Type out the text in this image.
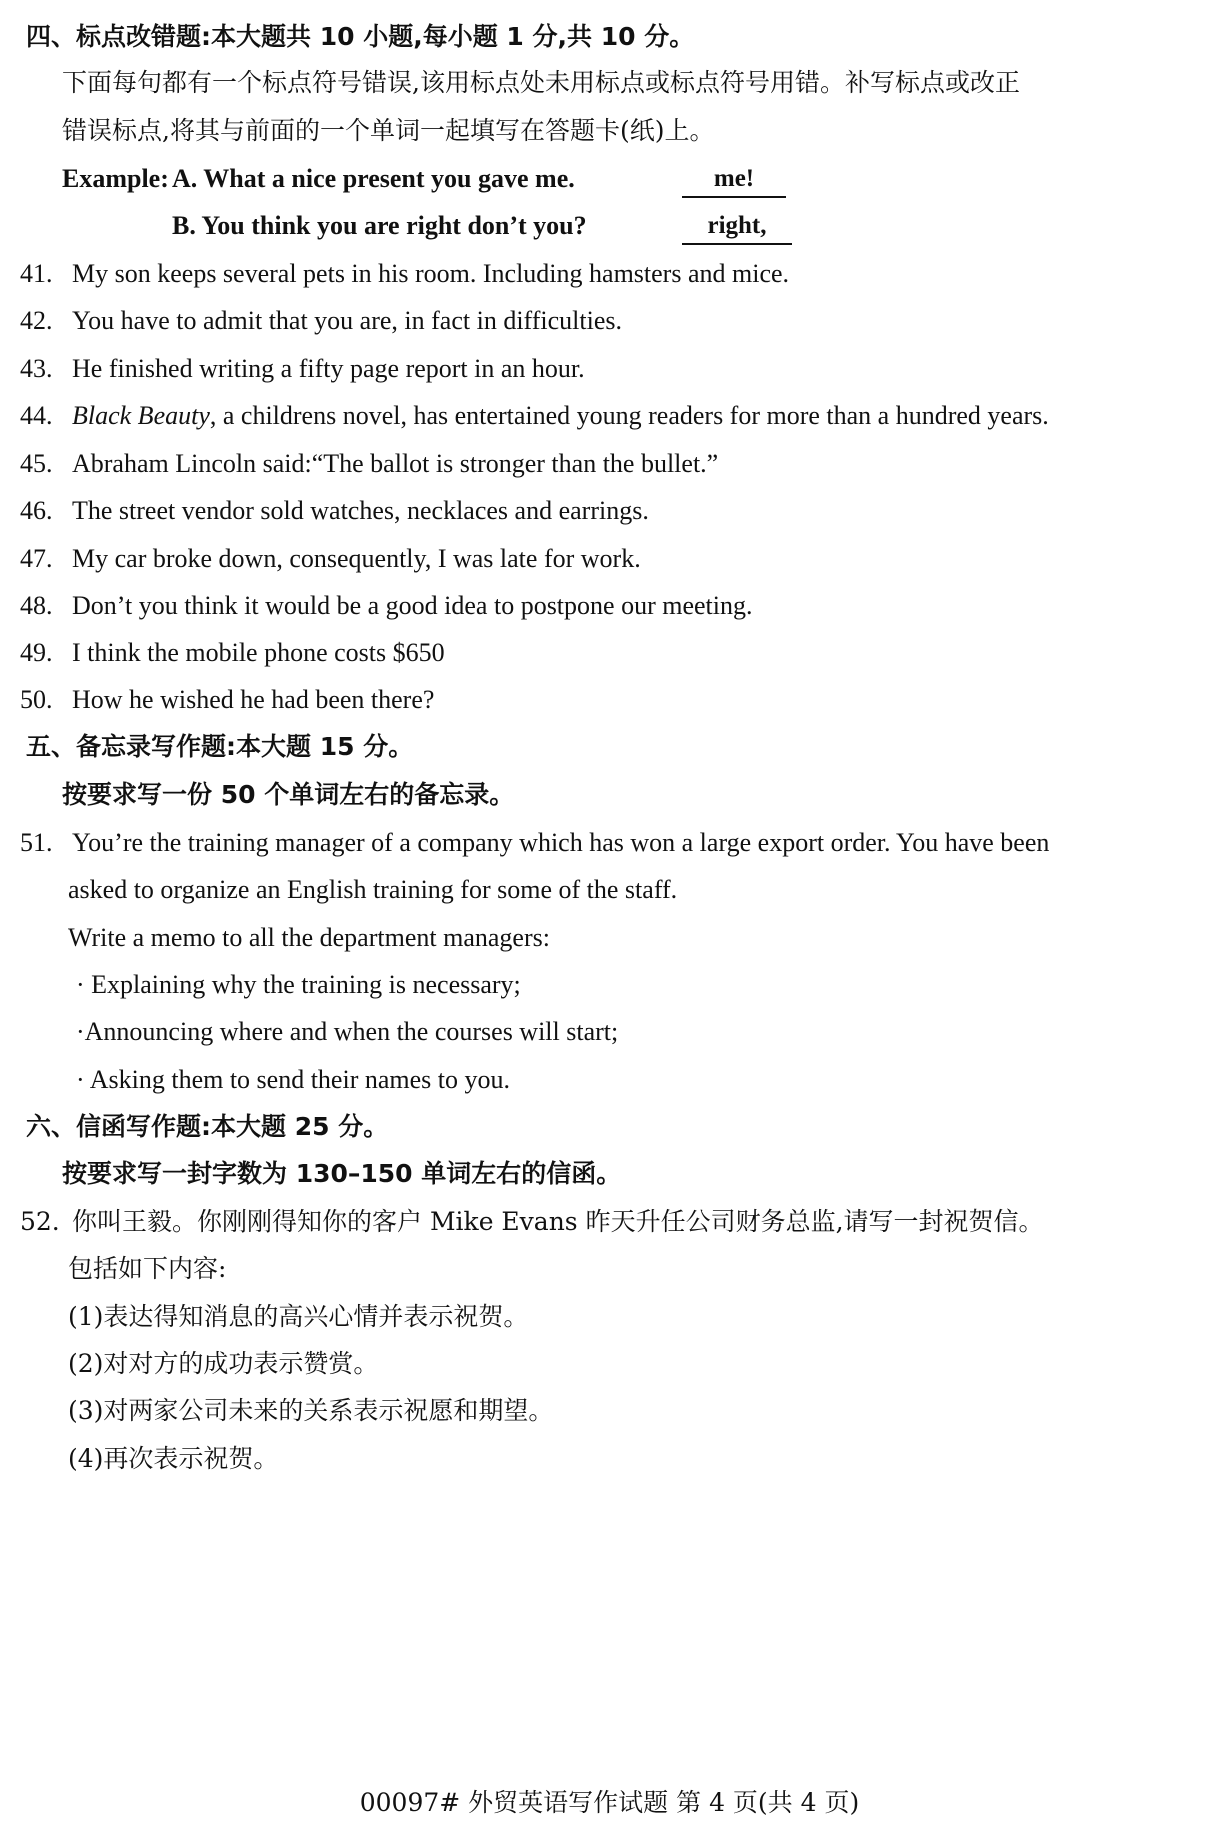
四、标点改错题:本大题共 10 小题,每小题 1 分,共 10 分。
下面每句都有一个标点符号错误,该用标点处未用标点或标点符号用错。补写标点或改正
错误标点,将其与前面的一个单词一起填写在答题卡(纸)上。
Example: A. What a nice present you gave me.	me!
B. You think you are right don’t you?	right,
41. My son keeps several pets in his room. Including hamsters and mice.
42. You have to admit that you are, in fact in difficulties.
43. He finished writing a fifty page report in an hour.
44. Black Beauty, a childrens novel, has entertained young readers for more than a hundred years.
45. Abraham Lincoln said:“The ballot is stronger than the bullet.”
46. The street vendor sold watches, necklaces and earrings.
47. My car broke down, consequently, I was late for work.
48. Don’t you think it would be a good idea to postpone our meeting.
49. I think the mobile phone costs $650
50. How he wished he had been there?
五、备忘录写作题:本大题 15 分。
按要求写一份 50 个单词左右的备忘录。
51. You’re the training manager of a company which has won a large export order. You have been
asked to organize an English training for some of the staff.
Write a memo to all the department managers:
· Explaining why the training is necessary;
·Announcing where and when the courses will start;
· Asking them to send their names to you.
六、信函写作题:本大题 25 分。
按要求写一封字数为 130–150 单词左右的信函。
52. 你叫王毅。你刚刚得知你的客户 Mike Evans 昨天升任公司财务总监,请写一封祝贺信。
包括如下内容:
(1)表达得知消息的高兴心情并表示祝贺。
(2)对对方的成功表示赞赏。
(3)对两家公司未来的关系表示祝愿和期望。
(4)再次表示祝贺。
00097# 外贸英语写作试题 第 4 页(共 4 页)
